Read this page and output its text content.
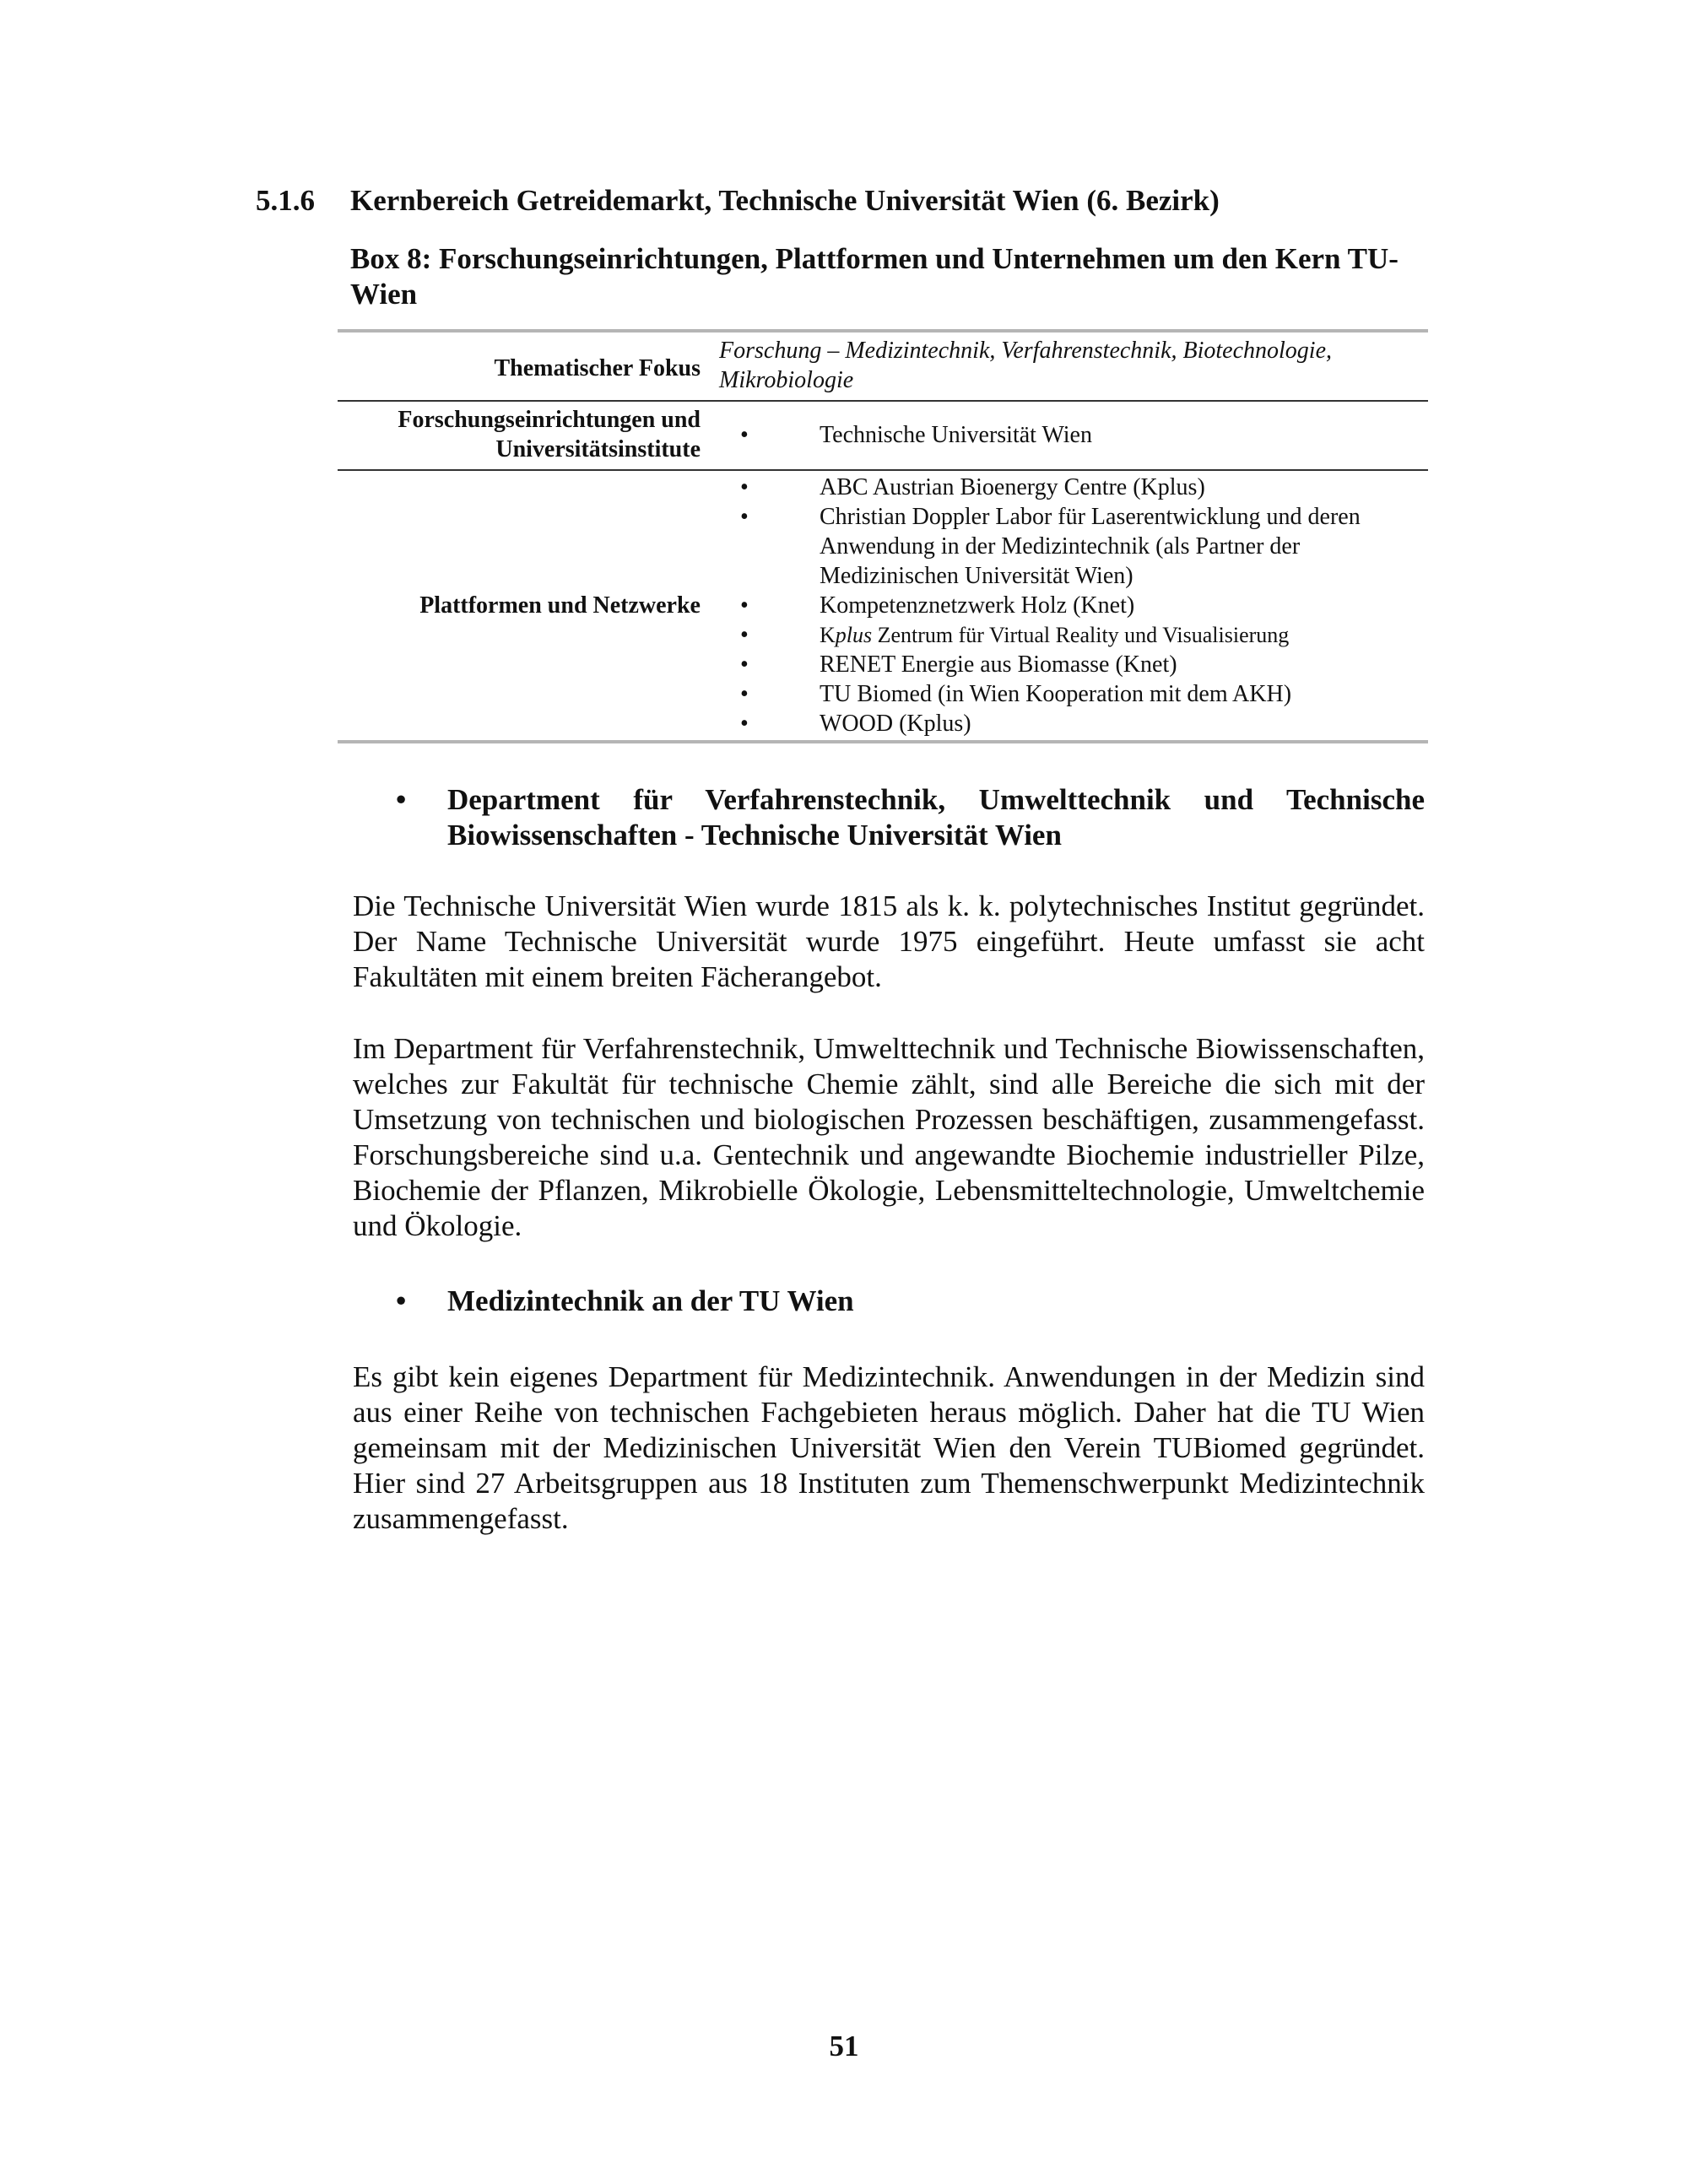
5.1.6 Kernbereich Getreidemarkt, Technische Universität Wien (6. Bezirk)
Box 8: Forschungseinrichtungen, Plattformen und Unternehmen um den Kern TU-Wien
Thematischer Fokus
Forschung – Medizintechnik, Verfahrenstechnik, Biotechnologie, Mikrobiologie
Forschungseinrichtungen und Universitätsinstitute
• Technische Universität Wien
Plattformen und Netzwerke
• ABC Austrian Bioenergy Centre (Kplus)
• Christian Doppler Labor für Laserentwicklung und deren Anwendung in der Medizintechnik (als Partner der Medizinischen Universität Wien)
• Kompetenznetzwerk Holz (Knet)
• Kplus Zentrum für Virtual Reality und Visualisierung
• RENET Energie aus Biomasse (Knet)
• TU Biomed (in Wien Kooperation mit dem AKH)
• WOOD (Kplus)
• Department für Verfahrenstechnik, Umwelttechnik und Technische Biowissenschaften - Technische Universität Wien
Die Technische Universität Wien wurde 1815 als k. k. polytechnisches Institut gegründet. Der Name Technische Universität wurde 1975 eingeführt. Heute umfasst sie acht Fakultäten mit einem breiten Fächerangebot.
Im Department für Verfahrenstechnik, Umwelttechnik und Technische Biowissenschaften, welches zur Fakultät für technische Chemie zählt, sind alle Bereiche die sich mit der Umsetzung von technischen und biologischen Prozessen beschäftigen, zusammengefasst. Forschungsbereiche sind u.a. Gentechnik und angewandte Biochemie industrieller Pilze, Biochemie der Pflanzen, Mikrobielle Ökologie, Lebensmitteltechnologie, Umweltchemie und Ökologie.
• Medizintechnik an der TU Wien
Es gibt kein eigenes Department für Medizintechnik. Anwendungen in der Medizin sind aus einer Reihe von technischen Fachgebieten heraus möglich. Daher hat die TU Wien gemeinsam mit der Medizinischen Universität Wien den Verein TUBiomed gegründet. Hier sind 27 Arbeitsgruppen aus 18 Instituten zum Themenschwerpunkt Medizintechnik zusammengefasst.
51
